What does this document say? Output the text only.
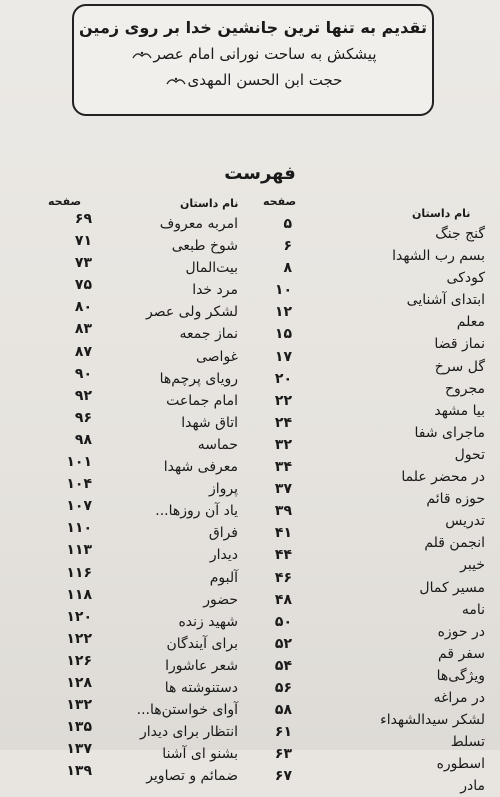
تقدیم به تنها ترین جانشین خدا بر روی زمین

پیشکش به ساحت نورانی امام عصر

حجت ابن الحسن المهدی

فهرست
نام داستان
صفحه
نام داستان
صفحه
گنج جنگ
بسم رب الشهدا
کودکی
ابتدای آشنایی
معلم
نماز قضا
گل سرخ
مجروح
بیا مشهد
ماجرای شفا
تحول
در محضر علما
حوزه قائم
تدریس
انجمن قلم
خیبر
مسیر کمال
نامه
در حوزه
سفر قم
ویژگی‌ها
در مراغه
لشکر سیدالشهداء
تسلط
اسطوره
مادر
۵
۶
۸
۱۰
۱۲
۱۵
۱۷
۲۰
۲۲
۲۴
۳۲
۳۴
۳۷
۳۹
۴۱
۴۴
۴۶
۴۸
۵۰
۵۲
۵۴
۵۶
۵۸
۶۱
۶۳
۶۷
امربه معروف
شوخ طبعی
بیت‌المال
مرد خدا
لشکر ولی عصر
نماز جمعه
غواصی
رویای پرچم‌ها
امام جماعت
اتاق شهدا
حماسه
معرفی شهدا
پرواز
یاد آن روزها...
فراق
دیدار
آلبوم
حضور
شهید زنده
برای آیندگان
شعر عاشورا
دستنوشته ها
آوای خواستن‌ها...
انتظار برای دیدار
بشنو ای آشنا
ضمائم و تصاویر
۶۹
۷۱
۷۳
۷۵
۸۰
۸۳
۸۷
۹۰
۹۲
۹۶
۹۸
۱۰۱
۱۰۴
۱۰۷
۱۱۰
۱۱۳
۱۱۶
۱۱۸
۱۲۰
۱۲۲
۱۲۶
۱۲۸
۱۳۲
۱۳۵
۱۳۷
۱۳۹
